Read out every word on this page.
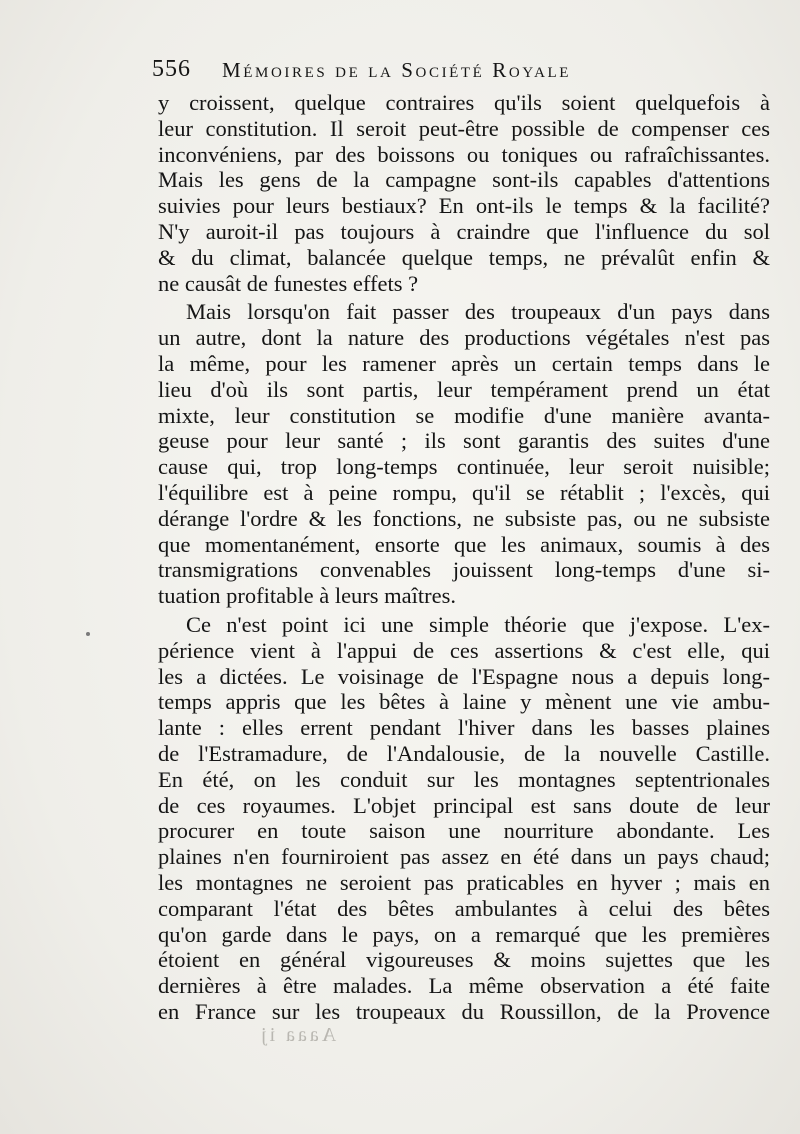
556 Mémoires de la Société Royale
y croissent, quelque contraires qu'ils soient quelquefois à
leur constitution. Il seroit peut-être possible de compenser ces
inconvéniens, par des boissons ou toniques ou rafraîchissantes.
Mais les gens de la campagne sont-ils capables d'attentions
suivies pour leurs bestiaux? En ont-ils le temps & la facilité?
N'y auroit-il pas toujours à craindre que l'influence du sol
& du climat, balancée quelque temps, ne prévalût enfin &
ne causât de funestes effets ?
Mais lorsqu'on fait passer des troupeaux d'un pays dans
un autre, dont la nature des productions végétales n'est pas
la même, pour les ramener après un certain temps dans le
lieu d'où ils sont partis, leur tempérament prend un état
mixte, leur constitution se modifie d'une manière avanta-
geuse pour leur santé ; ils sont garantis des suites d'une
cause qui, trop long-temps continuée, leur seroit nuisible;
l'équilibre est à peine rompu, qu'il se rétablit ; l'excès, qui
dérange l'ordre & les fonctions, ne subsiste pas, ou ne subsiste
que momentanément, ensorte que les animaux, soumis à des
transmigrations convenables jouissent long-temps d'une si-
tuation profitable à leurs maîtres.
Ce n'est point ici une simple théorie que j'expose. L'ex-
périence vient à l'appui de ces assertions & c'est elle, qui
les a dictées. Le voisinage de l'Espagne nous a depuis long-
temps appris que les bêtes à laine y mènent une vie ambu-
lante : elles errent pendant l'hiver dans les basses plaines
de l'Estramadure, de l'Andalousie, de la nouvelle Castille.
En été, on les conduit sur les montagnes septentrionales
de ces royaumes. L'objet principal est sans doute de leur
procurer en toute saison une nourriture abondante. Les
plaines n'en fourniroient pas assez en été dans un pays chaud;
les montagnes ne seroient pas praticables en hyver ; mais en
comparant l'état des bêtes ambulantes à celui des bêtes
qu'on garde dans le pays, on a remarqué que les premières
étoient en général vigoureuses & moins sujettes que les
dernières à être malades. La même observation a été faite
en France sur les troupeaux du Roussillon, de la Provence
Aaaa ij
